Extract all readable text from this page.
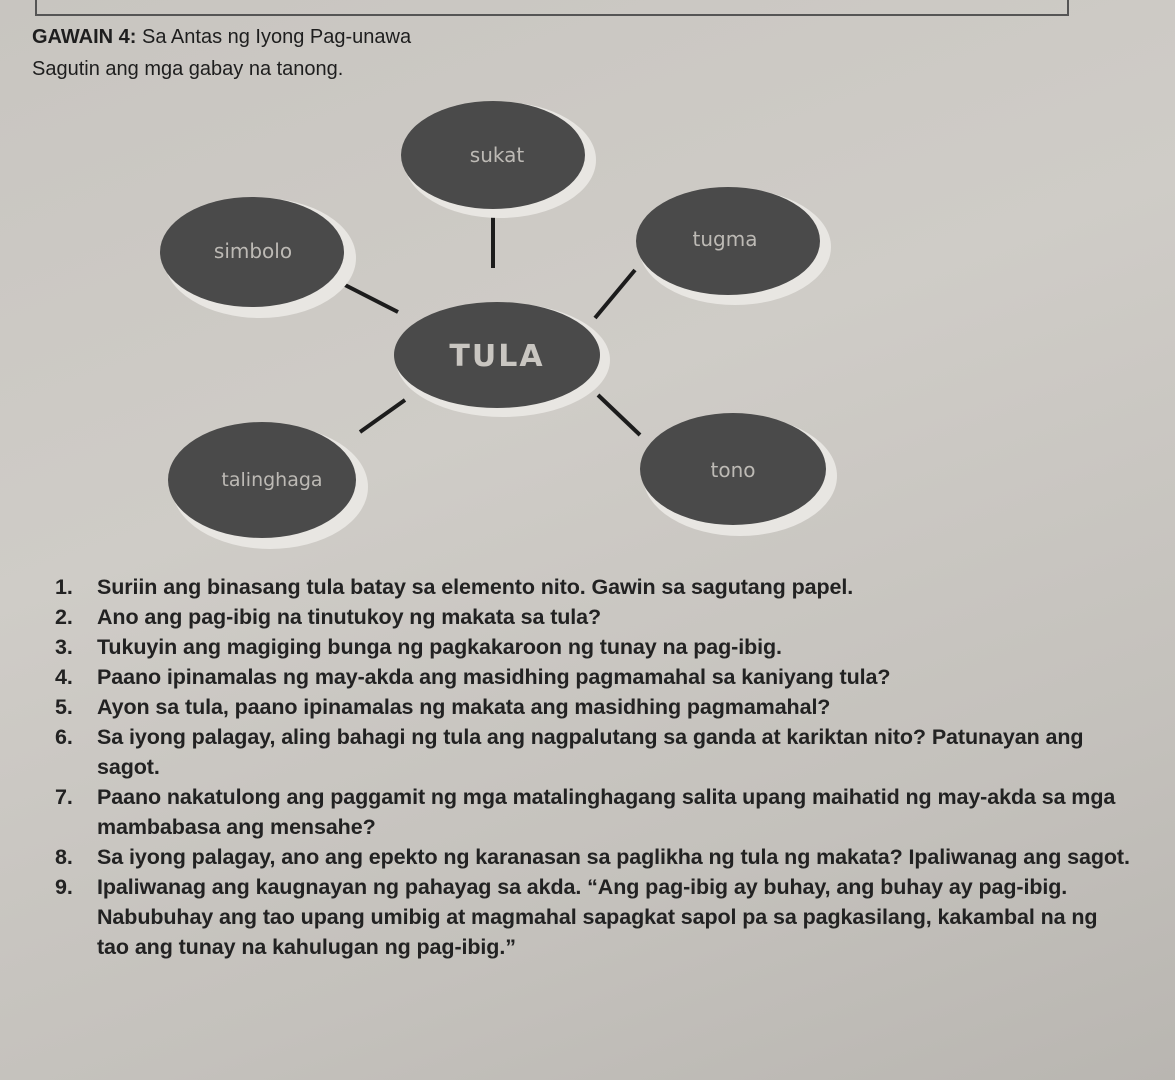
GAWAIN 4: Sa Antas ng Iyong Pag-unawa
Sagutin ang mga gabay na tanong.
sukat
simbolo	tugma
TULA
talinghaga	tono
1.	Suriin ang binasang tula batay sa elemento nito. Gawin sa sagutang papel.
2.	Ano ang pag-ibig na tinutukoy ng makata sa tula?
3.	Tukuyin ang magiging bunga ng pagkakaroon ng tunay na pag-ibig.
4.	Paano ipinamalas ng may-akda ang masidhing pagmamahal sa kaniyang tula?
5.	Ayon sa tula, paano ipinamalas ng makata ang masidhing pagmamahal?
6.	Sa iyong palagay, aling bahagi ng tula ang nagpalutang sa ganda at kariktan nito? Patunayan ang sagot.
7.	Paano nakatulong ang paggamit ng mga matalinghagang salita upang maihatid ng may-akda sa mga mambabasa ang mensahe?
8.	Sa iyong palagay, ano ang epekto ng karanasan sa paglikha ng tula ng makata? Ipaliwanag ang sagot.
9.	Ipaliwanag ang kaugnayan ng pahayag sa akda. “Ang pag-ibig ay buhay, ang buhay ay pag-ibig. Nabubuhay ang tao upang umibig at magmahal sapagkat sapol pa sa pagkasilang, kakambal na ng tao ang tunay na kahulugan ng pag-ibig.”
